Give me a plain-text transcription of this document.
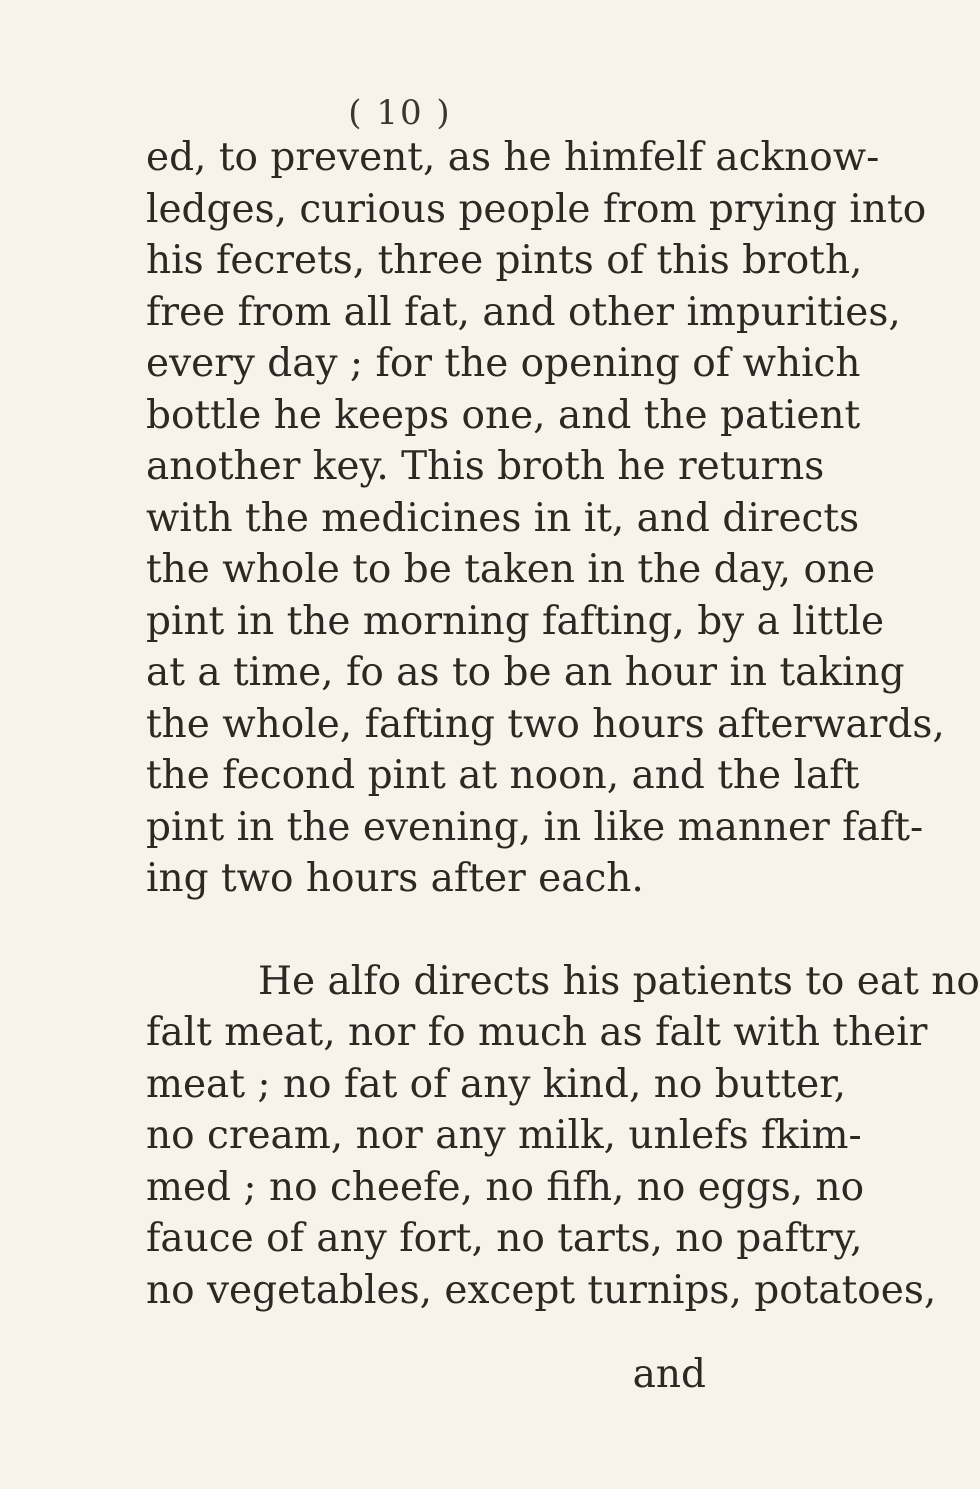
( 10 )
ed, to prevent, as he himfelf acknow-
ledges, curious people from prying into
his fecrets, three pints of this broth,
free from all fat, and other impurities,
every day ; for the opening of which
bottle he keeps one, and the patient
another key. This broth he returns
with the medicines in it, and directs
the whole to be taken in the day, one
pint in the morning fafting, by a little
at a time, fo as to be an hour in taking
the whole, fafting two hours afterwards,
the fecond pint at noon, and the laft
pint in the evening, in like manner faft-
ing two hours after each.
He alfo directs his patients to eat no
falt meat, nor fo much as falt with their
meat ; no fat of any kind, no butter,
no cream, nor any milk, unlefs fkim-
med ; no cheefe, no fifh, no eggs, no
fauce of any fort, no tarts, no paftry,
no vegetables, except turnips, potatoes,
and
